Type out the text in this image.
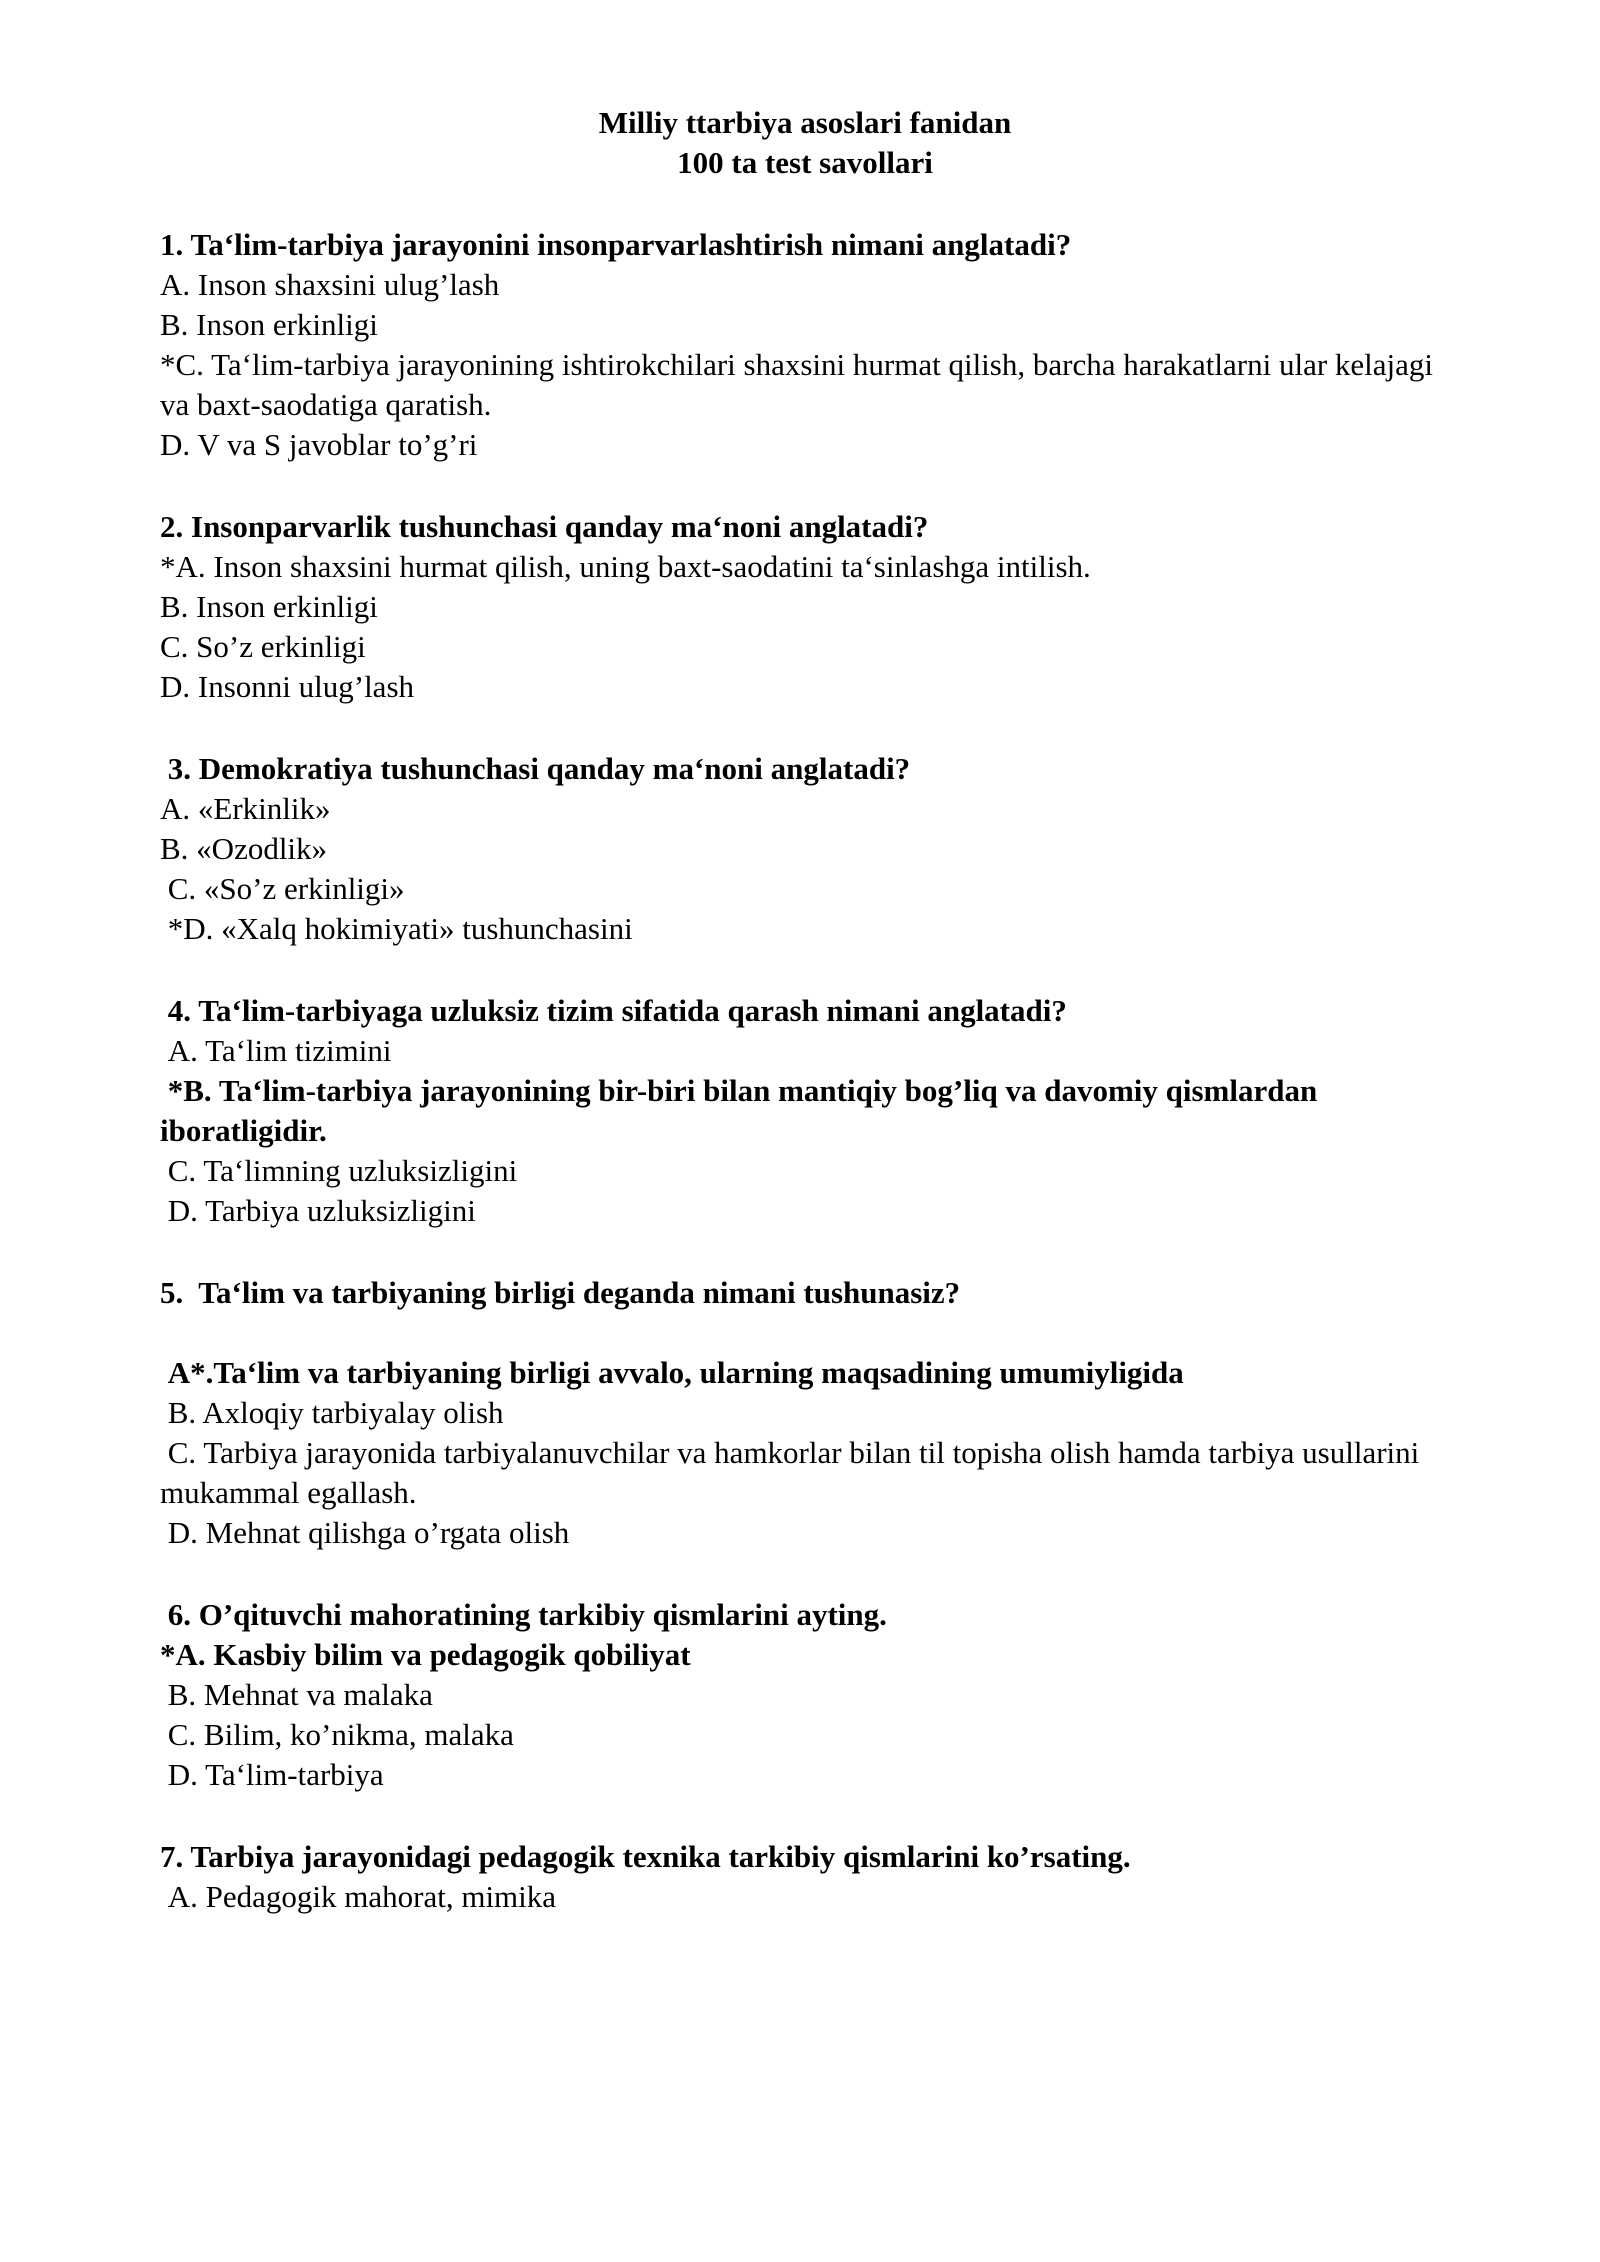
Milliy ttarbiya asoslari fanidan
100 ta test savollari
1. Ta‘lim-tarbiya jarayonini insonparvarlashtirish nimani anglatadi?
A. Inson shaxsini ulug’lash
B. Inson erkinligi
*C. Ta‘lim-tarbiya jarayonining ishtirokchilari shaxsini hurmat qilish, barcha harakatlarni ular kelajagi va baxt-saodatiga qaratish.
D. V va S javoblar to’g’ri
2. Insonparvarlik tushunchasi qanday ma‘noni anglatadi?
*A. Inson shaxsini hurmat qilish, uning baxt-saodatini ta‘sinlashga intilish.
B. Inson erkinligi
C. So’z erkinligi
D. Insonni ulug’lash
3. Demokratiya tushunchasi qanday ma‘noni anglatadi?
A. «Erkinlik»
B. «Ozodlik»
C. «So’z erkinligi»
*D. «Xalq hokimiyati» tushunchasini
4. Ta‘lim-tarbiyaga uzluksiz tizim sifatida qarash nimani anglatadi?
A. Ta‘lim tizimini
*B. Ta‘lim-tarbiya jarayonining bir-biri bilan mantiqiy bog’liq va davomiy qismlardan iboratligidir.
C. Ta‘limning uzluksizligini
D. Tarbiya uzluksizligini
5.  Ta‘lim va tarbiyaning birligi deganda nimani tushunasiz?
A*.Ta‘lim va tarbiyaning birligi avvalo, ularning maqsadining umumiyligida
B. Axloqiy tarbiyalay olish
C. Tarbiya jarayonida tarbiyalanuvchilar va hamkorlar bilan til topisha olish hamda tarbiya usullarini mukammal egallash.
D. Mehnat qilishga o’rgata olish
6. O’qituvchi mahoratining tarkibiy qismlarini ayting.
*A. Kasbiy bilim va pedagogik qobiliyat
B. Mehnat va malaka
C. Bilim, ko’nikma, malaka
D. Ta‘lim-tarbiya
7. Tarbiya jarayonidagi pedagogik texnika tarkibiy qismlarini ko’rsating.
A. Pedagogik mahorat, mimika
